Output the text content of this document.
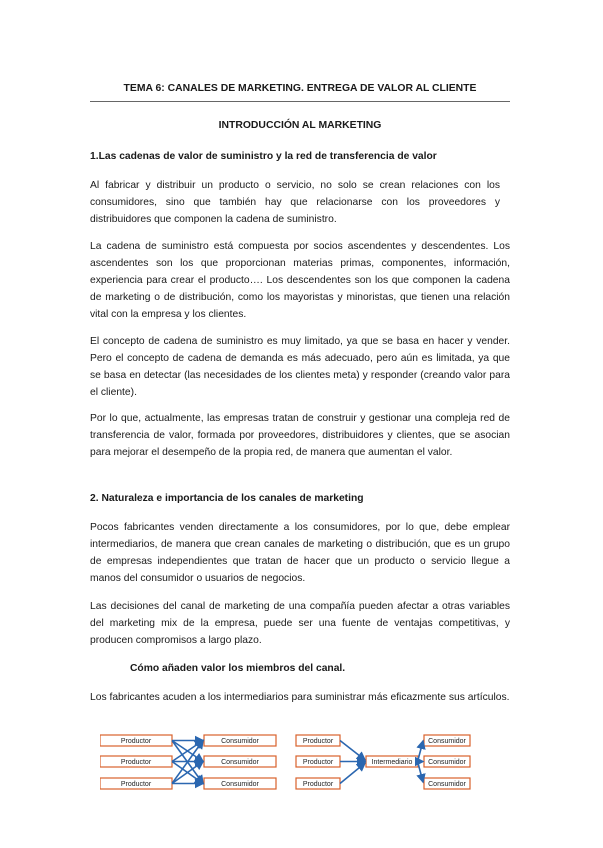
TEMA 6: CANALES DE MARKETING. ENTREGA DE VALOR AL CLIENTE
INTRODUCCIÓN AL MARKETING
1.Las cadenas de valor de suministro y la red de transferencia de valor
Al fabricar y distribuir un producto o servicio, no solo se crean relaciones con los consumidores, sino que también hay que relacionarse con los proveedores y distribuidores que componen la cadena de suministro.
La cadena de suministro está compuesta por socios ascendentes y descendentes. Los ascendentes son los que proporcionan materias primas, componentes, información, experiencia para crear el producto…. Los descendentes son los que componen la cadena de marketing o de distribución, como los mayoristas y minoristas, que tienen una relación vital con la empresa y los clientes.
El concepto de cadena de suministro es muy limitado, ya que se basa en hacer y vender. Pero el concepto de cadena de demanda es más adecuado, pero aún es limitada, ya que se basa en detectar (las necesidades de los clientes meta) y responder (creando valor para el cliente).
Por lo que, actualmente, las empresas tratan de construir y gestionar una compleja red de transferencia de valor, formada por proveedores, distribuidores y clientes, que se asocian para mejorar el desempeño de la propia red, de manera que aumentan el valor.
2. Naturaleza e importancia de los canales de marketing
Pocos fabricantes venden directamente a los consumidores, por lo que, debe emplear intermediarios, de manera que crean canales de marketing o distribución, que es un grupo de empresas independientes que tratan de hacer que un producto o servicio llegue a manos del consumidor o usuarios de negocios.
Las decisiones del canal de marketing de una compañía pueden afectar a otras variables del marketing mix de la empresa, puede ser una fuente de ventajas competitivas, y producen compromisos a largo plazo.
Cómo añaden valor los miembros del canal.
Los fabricantes acuden a los intermediarios para suministrar más eficazmente sus artículos.
Productor
Productor
Productor
Consumidor
Consumidor
Consumidor
Productor
Productor
Productor
Intermediario
Consumidor
Consumidor
Consumidor
